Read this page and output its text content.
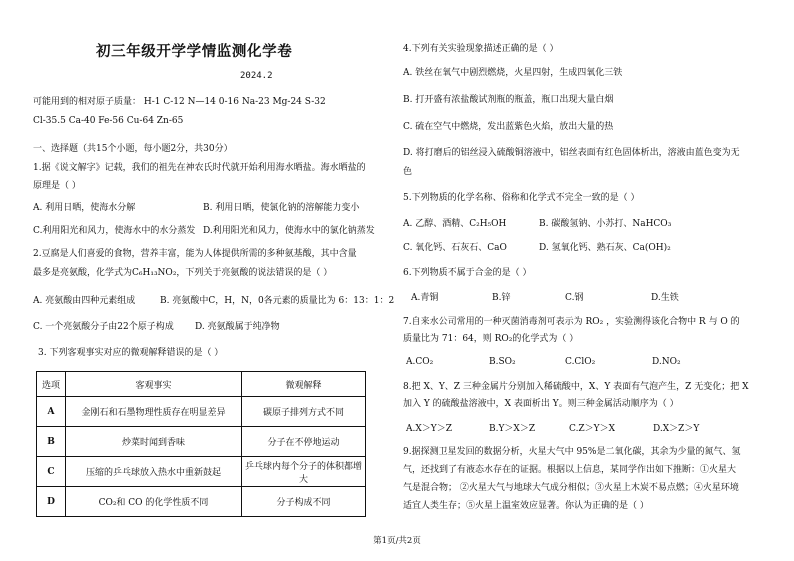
初三年级开学学情监测化学卷
2024.2
可能用到的相对原子质量： H-1 C-12 N—14 0-16 Na-23 Mg-24 S-32
Cl-35.5 Ca-40 Fe-56 Cu-64 Zn-65
一、选择题（共15个小题，每小题2分，共30分）
1.据《说文解字》记载，我们的祖先在神农氏时代就开始利用海水晒盐。海水晒盐的
原理是（ ）
A. 利用日晒，使海水分解	B. 利用日晒，使氯化钠的溶解能力变小
C.利用阳光和风力，使海水中的水分蒸发 D.利用阳光和风力，使海水中的氯化钠蒸发
2.豆腐是人们喜爱的食物，营养丰富，能为人体提供所需的多种氨基酸，其中含量
最多是亮氨酸，化学式为C₆H₁₃NO₂，下列关于亮氨酸的说法错误的是（ ）
A. 亮氨酸由四种元素组成	B. 亮氨酸中C，H，N，0各元素的质量比为 6：13：1：2
C. 一个亮氨酸分子由22个原子构成 D. 亮氨酸属于纯净物
3. 下列客观事实对应的微观解释错误的是（ ）
选项	客观事实	微观解释
A	金刚石和石墨物理性质存在明显差异	碳原子排列方式不同
B	炒菜时闻到香味	分子在不停地运动
C	压缩的乒乓球放入热水中重新鼓起	乒乓球内每个分子的体积都增大
D	CO₂和 CO 的化学性质不同	分子构成不同
4.下列有关实验现象描述正确的是（ ）
A. 铁丝在氧气中剧烈燃烧，火星四射，生成四氧化三铁
B. 打开盛有浓盐酸试剂瓶的瓶盖，瓶口出现大量白烟
C. 硫在空气中燃烧，发出蓝紫色火焰，放出大量的热
D. 将打磨后的铝丝浸入硫酸铜溶液中，铝丝表面有红色固体析出，溶液由蓝色变为无
色
5.下列物质的化学名称、俗称和化学式不完全一致的是（ ）
A. 乙醇、酒精、C₂H₅OH	B. 碳酸氢钠、小苏打、NaHCO₃
C. 氧化钙、石灰石、CaO	D. 氢氧化钙、熟石灰、Ca(OH)₂
6.下列物质不属于合金的是（ ）
A.青铜	B.锌	C.钢	D.生铁
7.自来水公司常用的一种灭菌消毒剂可表示为 RO₂ ，实验测得该化合物中 R 与 O 的
质量比为 71：64，则 RO₂的化学式为（ ）
A.CO₂	B.SO₂	C.ClO₂	D.NO₂
8.把 X、Y、Z 三种金属片分别加入稀硫酸中，X、Y 表面有气泡产生，Z 无变化；把 X
加入 Y 的硫酸盐溶液中，X 表面析出 Y。则三种金属活动顺序为（ ）
A.X＞Y＞Z	B.Y＞X＞Z	C.Z＞Y＞X	D.X＞Z＞Y
9.据探测卫星发回的数据分析，火星大气中 95%是二氧化碳，其余为少量的氮气、氢
气，还找到了有液态水存在的证据。根据以上信息，某同学作出如下推断：①火星大
气是混合物； ②火星大气与地球大气成分相似；③火星上木炭不易点燃；④火星环境
适宜人类生存；⑤火星上温室效应显著。你认为正确的是（ ）
第1页/共2页
